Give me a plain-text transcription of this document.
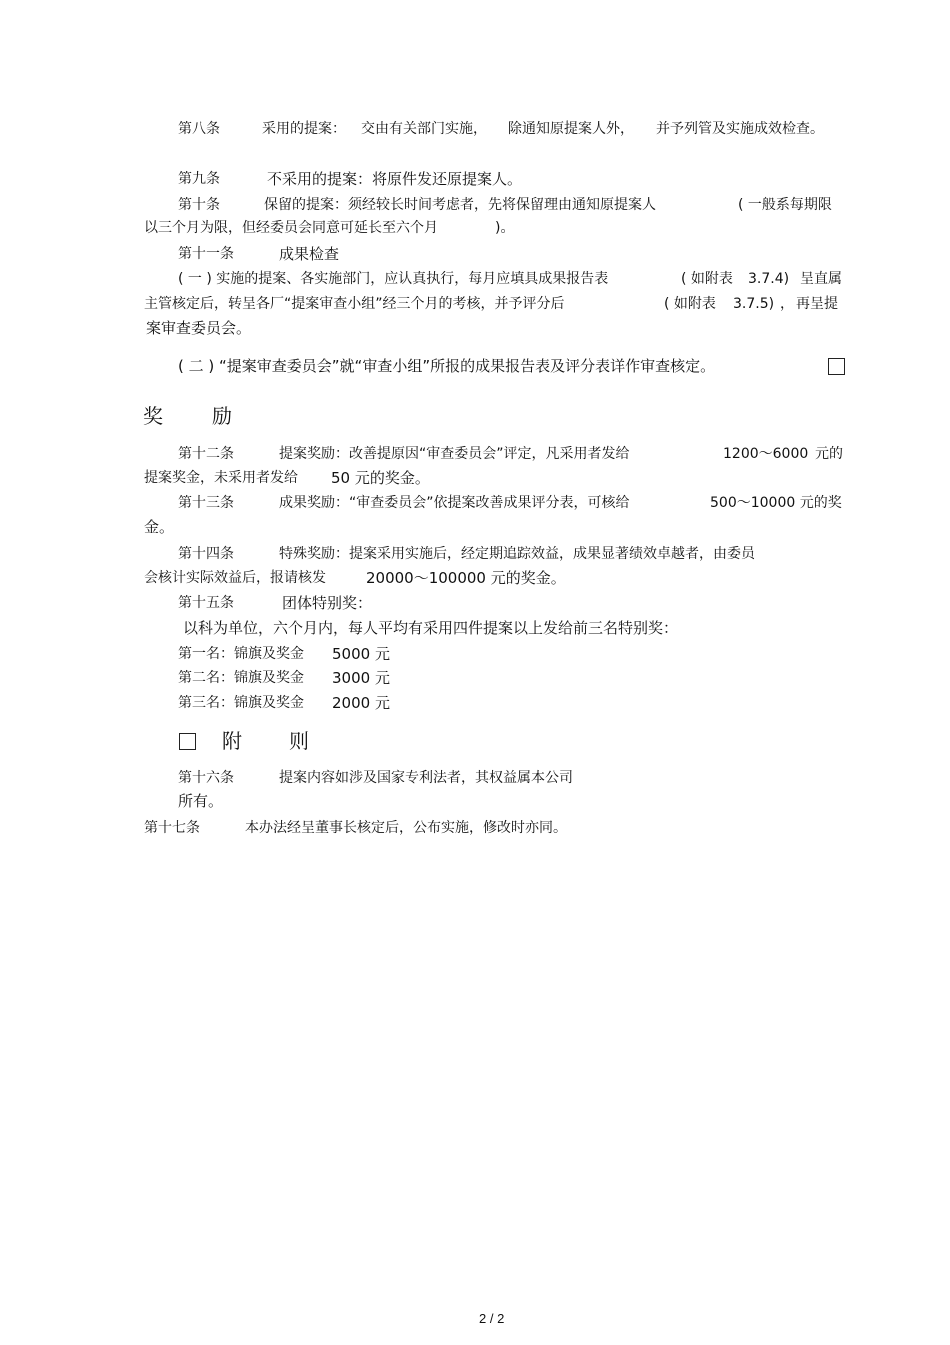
第八条	采用的提案： 交由有关部门实施， 除通知原提案人外， 并予列管及实施成效检查。
第九条	不采用的提案：将原件发还原提案人。
第十条	保留的提案：须经较长时间考虑者，先将保留理由通知原提案人	( 一般系每期限
以三个月为限，但经委员会同意可延长至六个月	)。
第十一条	成果检查
( 一 ) 实施的提案、各实施部门，应认真执行，每月应填具成果报告表	( 如附表 3.7.4) 呈直属
主管核定后，转呈各厂“提案审查小组”经三个月的考核，并予评分后	( 如附表 3.7.5) ， 再呈提
案审查委员会。
( 二 ) “提案审查委员会”就“审查小组”所报的成果报告表及评分表详作审查核定。
奖 励
第十二条	提案奖励：改善提原因“审查委员会”评定，凡采用者发给	1200～6000 元的
提案奖金，未采用者发给 50 元的奖金。
第十三条	成果奖励：“审查委员会”依提案改善成果评分表，可核给	500～10000 元的奖
金。
第十四条	特殊奖励：提案采用实施后，经定期追踪效益，成果显著绩效卓越者，由委员
会核计实际效益后，报请核发	20000～100000 元的奖金。
第十五条	团体特别奖：
以科为单位，六个月内，每人平均有采用四件提案以上发给前三名特别奖：
第一名：锦旗及奖金 5000 元
第二名：锦旗及奖金 3000 元
第三名：锦旗及奖金 2000 元
附 则
第十六条	提案内容如涉及国家专利法者，其权益属本公司
所有。
第十七条	本办法经呈董事长核定后，公布实施，修改时亦同。
2 / 2
